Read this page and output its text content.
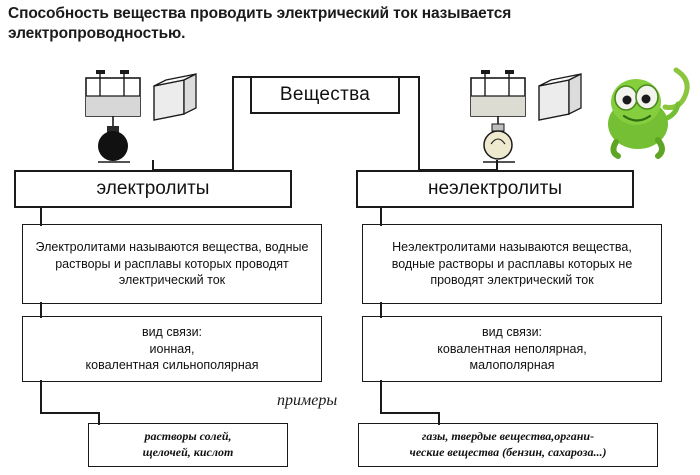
Способность вещества проводить электрический ток называется электропроводностью.
Вещества
электролиты
Электролитами называются вещества, водные растворы и расплавы которых проводят электрический ток
вид связи:
ионная,
ковалентная сильнополярная
растворы солей,
щелочей, кислот
неэлектролиты
Неэлектролитами называются вещества, водные растворы и расплавы которых не проводят электрический ток
вид связи:
ковалентная неполярная,
малополярная
газы, твердые вещества,органи-
ческие вещества (бензин, сахароза...)
примеры
